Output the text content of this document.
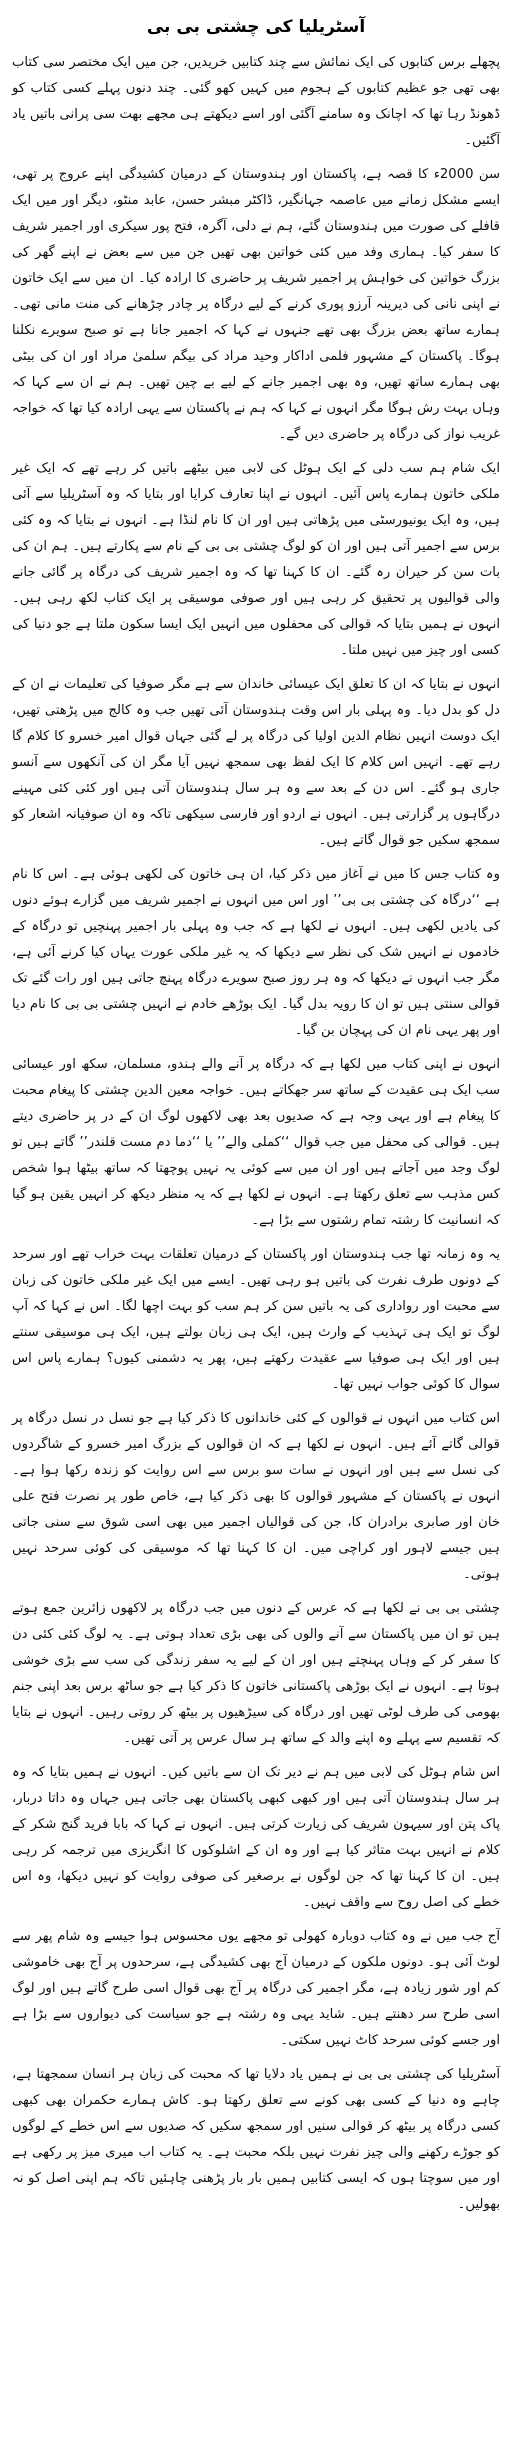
آسٹریلیا کی چشتی بی بی

پچھلے برس کتابوں کی ایک نمائش سے چند کتابیں خریدیں، جن میں ایک مختصر سی کتاب بھی تھی جو عظیم کتابوں کے ہجوم میں کہیں کھو گئی۔ چند دنوں پہلے کسی کتاب کو ڈھونڈ رہا تھا کہ اچانک وہ سامنے آگئی اور اسے دیکھتے ہی مجھے بھت سی پرانی باتیں یاد آگئیں۔

سن 2000ء کا قصہ ہے، پاکستان اور ہندوستان کے درمیان کشیدگی اپنے عروج پر تھی، ایسے مشکل زمانے میں عاصمہ جہانگیر، ڈاکٹر مبشر حسن، عابد منٹو، دیگر اور میں ایک قافلے کی صورت میں ہندوستان گئے، ہم نے دلی، آگرہ، فتح پور سیکری اور اجمیر شریف کا سفر کیا۔ ہماری وفد میں کئی خواتین بھی تھیں جن میں سے بعض نے اپنے گھر کی بزرگ خواتین کی خواہش پر اجمیر شریف پر حاضری کا ارادہ کیا۔ ان میں سے ایک خاتون نے اپنی نانی کی دیرینہ آرزو پوری کرنے کے لیے درگاہ پر چادر چڑھانے کی منت مانی تھی۔ ہمارے ساتھ بعض بزرگ بھی تھے جنہوں نے کہا کہ اجمیر جانا ہے تو صبح سویرے نکلنا ہوگا۔ پاکستان کے مشہور فلمی اداکار وحید مراد کی بیگم سلمیٰ مراد اور ان کی بیٹی بھی ہمارے ساتھ تھیں، وہ بھی اجمیر جانے کے لیے بے چین تھیں۔ ہم نے ان سے کہا کہ وہاں بہت رش ہوگا مگر انہوں نے کہا کہ ہم نے پاکستان سے یہی ارادہ کیا تھا کہ خواجہ غریب نواز کی درگاہ پر حاضری دیں گے۔

ایک شام ہم سب دلی کے ایک ہوٹل کی لابی میں بیٹھے باتیں کر رہے تھے کہ ایک غیر ملکی خاتون ہمارے پاس آئیں۔ انہوں نے اپنا تعارف کرایا اور بتایا کہ وہ آسٹریلیا سے آئی ہیں، وہ ایک یونیورسٹی میں پڑھاتی ہیں اور ان کا نام لنڈا ہے۔ انہوں نے بتایا کہ وہ کئی برس سے اجمیر آتی ہیں اور ان کو لوگ چشتی بی بی کے نام سے پکارتے ہیں۔ ہم ان کی بات سن کر حیران رہ گئے۔ ان کا کہنا تھا کہ وہ اجمیر شریف کی درگاہ پر گائی جانے والی قوالیوں پر تحقیق کر رہی ہیں اور صوفی موسیقی پر ایک کتاب لکھ رہی ہیں۔ انہوں نے ہمیں بتایا کہ قوالی کی محفلوں میں انہیں ایک ایسا سکون ملتا ہے جو دنیا کی کسی اور چیز میں نہیں ملتا۔

انہوں نے بتایا کہ ان کا تعلق ایک عیسائی خاندان سے ہے مگر صوفیا کی تعلیمات نے ان کے دل کو بدل دیا۔ وہ پہلی بار اس وقت ہندوستان آئی تھیں جب وہ کالج میں پڑھتی تھیں، ایک دوست انہیں نظام الدین اولیا کی درگاہ پر لے گئی جہاں قوال امیر خسرو کا کلام گا رہے تھے۔ انہیں اس کلام کا ایک لفظ بھی سمجھ نہیں آیا مگر ان کی آنکھوں سے آنسو جاری ہو گئے۔ اس دن کے بعد سے وہ ہر سال ہندوستان آتی ہیں اور کئی کئی مہینے درگاہوں پر گزارتی ہیں۔ انہوں نے اردو اور فارسی سیکھی تاکہ وہ ان صوفیانہ اشعار کو سمجھ سکیں جو قوال گاتے ہیں۔

وہ کتاب جس کا میں نے آغاز میں ذکر کیا، ان ہی خاتون کی لکھی ہوئی ہے۔ اس کا نام ہے ‘‘درگاہ کی چشتی بی بی’’ اور اس میں انہوں نے اجمیر شریف میں گزارے ہوئے دنوں کی یادیں لکھی ہیں۔ انہوں نے لکھا ہے کہ جب وہ پہلی بار اجمیر پہنچیں تو درگاہ کے خادموں نے انہیں شک کی نظر سے دیکھا کہ یہ غیر ملکی عورت یہاں کیا کرنے آئی ہے، مگر جب انہوں نے دیکھا کہ وہ ہر روز صبح سویرے درگاہ پہنچ جاتی ہیں اور رات گئے تک قوالی سنتی ہیں تو ان کا رویہ بدل گیا۔ ایک بوڑھے خادم نے انہیں چشتی بی بی کا نام دیا اور پھر یہی نام ان کی پہچان بن گیا۔

انہوں نے اپنی کتاب میں لکھا ہے کہ درگاہ پر آنے والے ہندو، مسلمان، سکھ اور عیسائی سب ایک ہی عقیدت کے ساتھ سر جھکاتے ہیں۔ خواجہ معین الدین چشتی کا پیغام محبت کا پیغام ہے اور یہی وجہ ہے کہ صدیوں بعد بھی لاکھوں لوگ ان کے در پر حاضری دیتے ہیں۔ قوالی کی محفل میں جب قوال ‘‘کملی والے’’ یا ‘‘دما دم مست قلندر’’ گاتے ہیں تو لوگ وجد میں آجاتے ہیں اور ان میں سے کوئی یہ نہیں پوچھتا کہ ساتھ بیٹھا ہوا شخص کس مذہب سے تعلق رکھتا ہے۔ انہوں نے لکھا ہے کہ یہ منظر دیکھ کر انہیں یقین ہو گیا کہ انسانیت کا رشتہ تمام رشتوں سے بڑا ہے۔

یہ وہ زمانہ تھا جب ہندوستان اور پاکستان کے درمیان تعلقات بہت خراب تھے اور سرحد کے دونوں طرف نفرت کی باتیں ہو رہی تھیں۔ ایسے میں ایک غیر ملکی خاتون کی زبان سے محبت اور رواداری کی یہ باتیں سن کر ہم سب کو بہت اچھا لگا۔ اس نے کہا کہ آپ لوگ تو ایک ہی تہذیب کے وارث ہیں، ایک ہی زبان بولتے ہیں، ایک ہی موسیقی سنتے ہیں اور ایک ہی صوفیا سے عقیدت رکھتے ہیں، پھر یہ دشمنی کیوں؟ ہمارے پاس اس سوال کا کوئی جواب نہیں تھا۔

اس کتاب میں انہوں نے قوالوں کے کئی خاندانوں کا ذکر کیا ہے جو نسل در نسل درگاہ پر قوالی گاتے آئے ہیں۔ انہوں نے لکھا ہے کہ ان قوالوں کے بزرگ امیر خسرو کے شاگردوں کی نسل سے ہیں اور انہوں نے سات سو برس سے اس روایت کو زندہ رکھا ہوا ہے۔ انہوں نے پاکستان کے مشہور قوالوں کا بھی ذکر کیا ہے، خاص طور پر نصرت فتح علی خان اور صابری برادران کا، جن کی قوالیاں اجمیر میں بھی اسی شوق سے سنی جاتی ہیں جیسے لاہور اور کراچی میں۔ ان کا کہنا تھا کہ موسیقی کی کوئی سرحد نہیں ہوتی۔

چشتی بی بی نے لکھا ہے کہ عرس کے دنوں میں جب درگاہ پر لاکھوں زائرین جمع ہوتے ہیں تو ان میں پاکستان سے آنے والوں کی بھی بڑی تعداد ہوتی ہے۔ یہ لوگ کئی کئی دن کا سفر کر کے وہاں پہنچتے ہیں اور ان کے لیے یہ سفر زندگی کی سب سے بڑی خوشی ہوتا ہے۔ انہوں نے ایک بوڑھی پاکستانی خاتون کا ذکر کیا ہے جو ساٹھ برس بعد اپنی جنم بھومی کی طرف لوٹی تھیں اور درگاہ کی سیڑھیوں پر بیٹھ کر روتی رہیں۔ انہوں نے بتایا کہ تقسیم سے پہلے وہ اپنے والد کے ساتھ ہر سال عرس پر آتی تھیں۔

اس شام ہوٹل کی لابی میں ہم نے دیر تک ان سے باتیں کیں۔ انہوں نے ہمیں بتایا کہ وہ ہر سال ہندوستان آتی ہیں اور کبھی کبھی پاکستان بھی جاتی ہیں جہاں وہ داتا دربار، پاک پتن اور سیہون شریف کی زیارت کرتی ہیں۔ انہوں نے کہا کہ بابا فرید گنج شکر کے کلام نے انہیں بہت متاثر کیا ہے اور وہ ان کے اشلوکوں کا انگریزی میں ترجمہ کر رہی ہیں۔ ان کا کہنا تھا کہ جن لوگوں نے برصغیر کی صوفی روایت کو نہیں دیکھا، وہ اس خطے کی اصل روح سے واقف نہیں۔

آج جب میں نے وہ کتاب دوبارہ کھولی تو مجھے یوں محسوس ہوا جیسے وہ شام پھر سے لوٹ آئی ہو۔ دونوں ملکوں کے درمیان آج بھی کشیدگی ہے، سرحدوں پر آج بھی خاموشی کم اور شور زیادہ ہے، مگر اجمیر کی درگاہ پر آج بھی قوال اسی طرح گاتے ہیں اور لوگ اسی طرح سر دھنتے ہیں۔ شاید یہی وہ رشتہ ہے جو سیاست کی دیواروں سے بڑا ہے اور جسے کوئی سرحد کاٹ نہیں سکتی۔

آسٹریلیا کی چشتی بی بی نے ہمیں یاد دلایا تھا کہ محبت کی زبان ہر انسان سمجھتا ہے، چاہے وہ دنیا کے کسی بھی کونے سے تعلق رکھتا ہو۔ کاش ہمارے حکمران بھی کبھی کسی درگاہ پر بیٹھ کر قوالی سنیں اور سمجھ سکیں کہ صدیوں سے اس خطے کے لوگوں کو جوڑے رکھنے والی چیز نفرت نہیں بلکہ محبت ہے۔ یہ کتاب اب میری میز پر رکھی ہے اور میں سوچتا ہوں کہ ایسی کتابیں ہمیں بار بار پڑھنی چاہئیں تاکہ ہم اپنی اصل کو نہ بھولیں۔
